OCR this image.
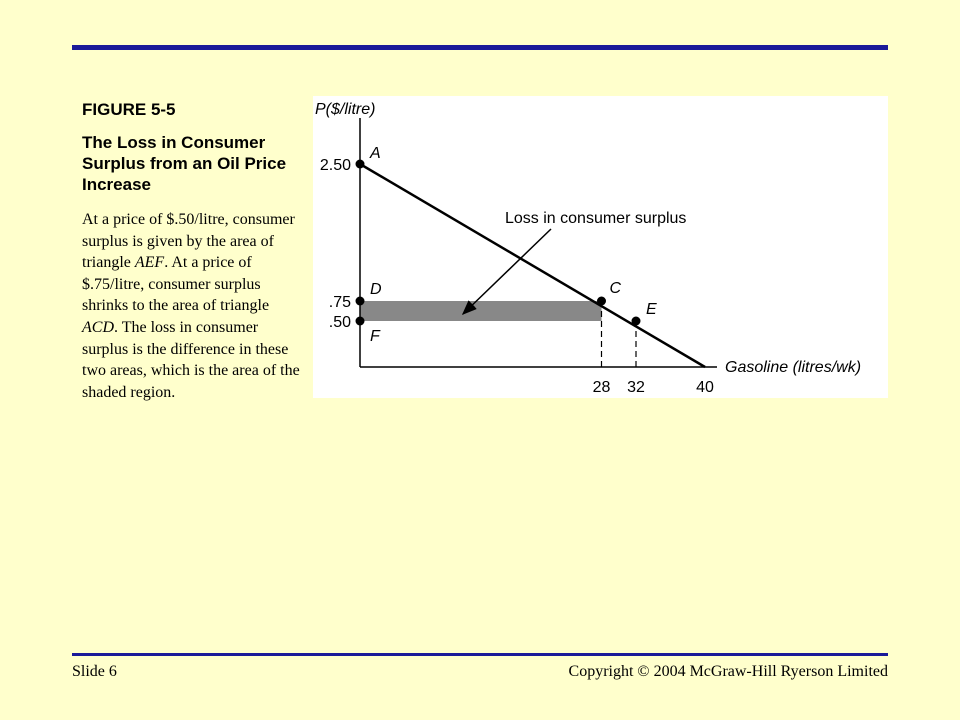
FIGURE 5-5
The Loss in Consumer Surplus from an Oil Price Increase
At a price of $.50/litre, consumer surplus is given by the area of triangle AEF. At a price of $.75/litre, consumer surplus shrinks to the area of triangle ACD. The loss in consumer surplus is the difference in these two areas, which is the area of the shaded region.
A
D
F
C
E
.50
.75
2.50
28 32	40
P($/litre)
Gasoline (litres/wk)
Loss in consumer surplus
Slide 6	Copyright © 2004 McGraw-Hill Ryerson Limited
